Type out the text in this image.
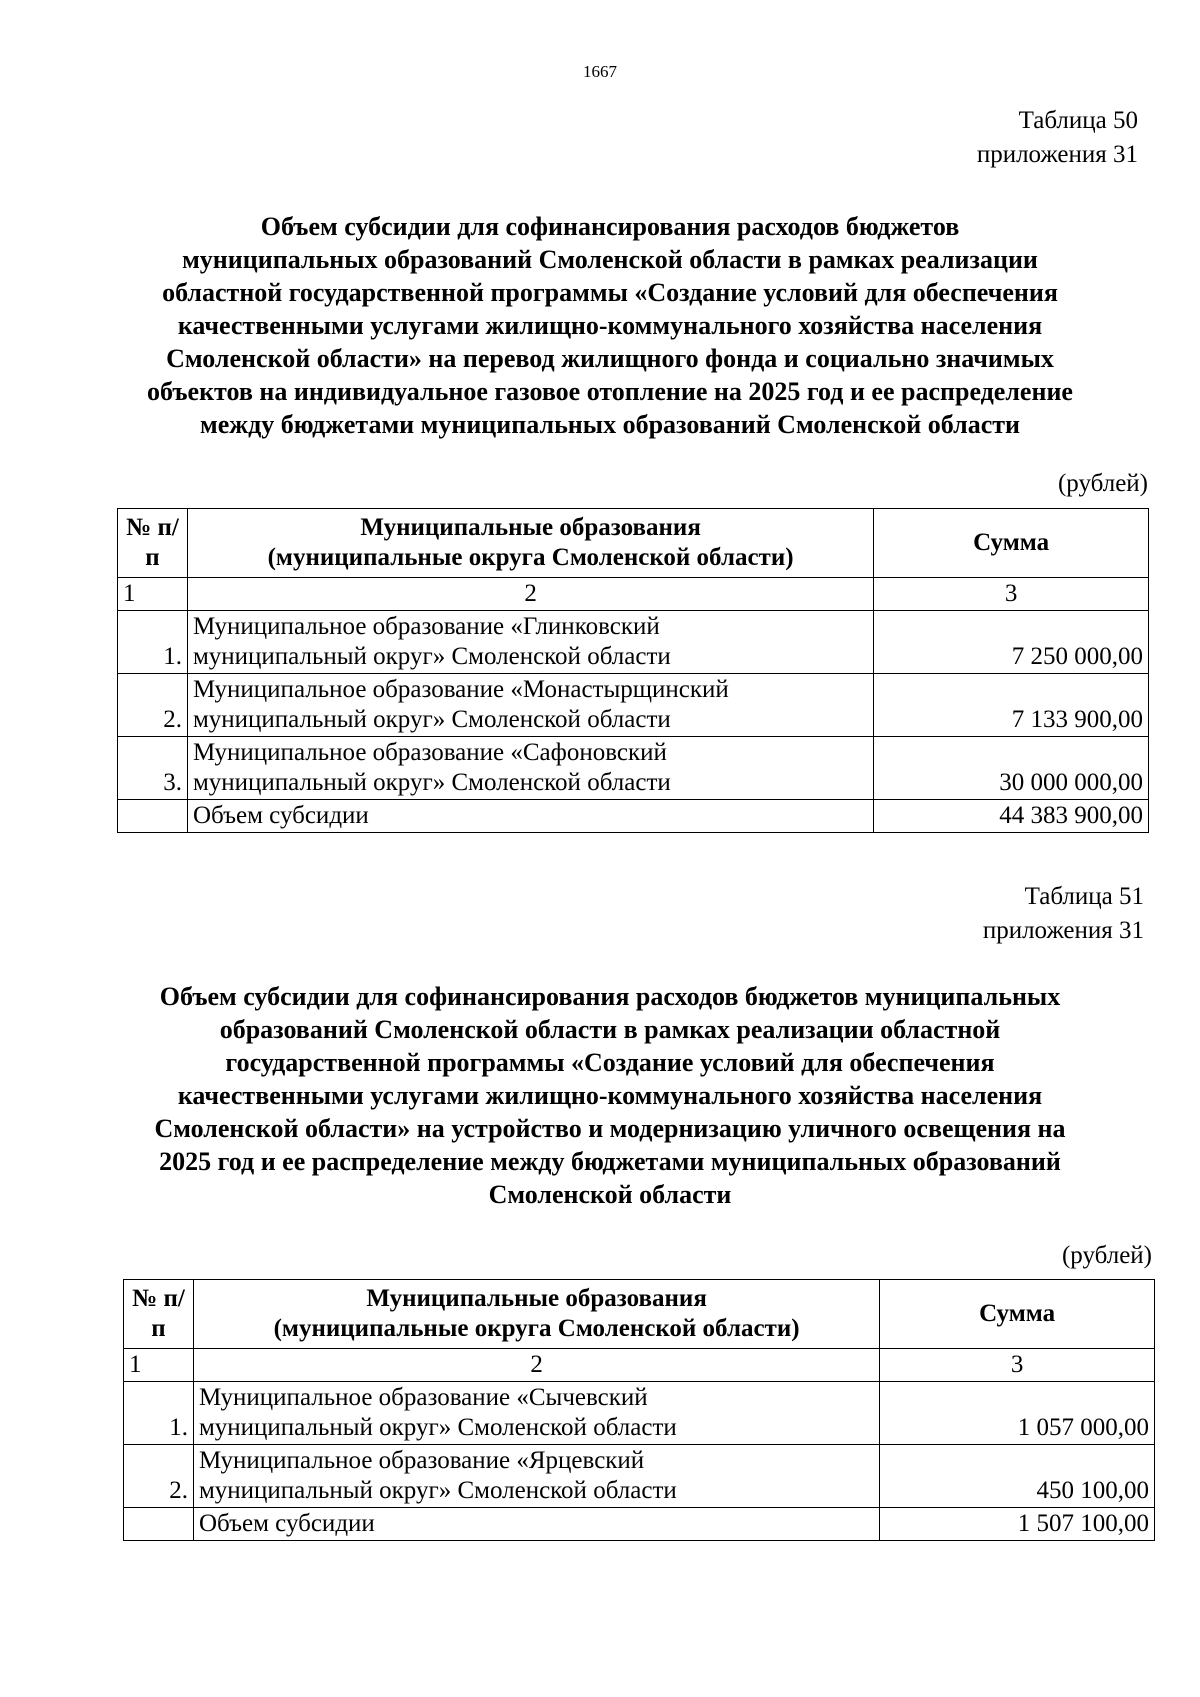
1667
Таблица 50
приложения 31
Объем субсидии для софинансирования расходов бюджетов
муниципальных образований Смоленской области в рамках реализации
областной государственной программы «Создание условий для обеспечения
качественными услугами жилищно-коммунального хозяйства населения
Смоленской области» на перевод жилищного фонда и социально значимых
объектов на индивидуальное газовое отопление на 2025 год и ее распределение
между бюджетами муниципальных образований Смоленской области
(рублей)
№ п/п	Муниципальные образования
(муниципальные округа Смоленской области)	Сумма
1	2	3
1.	Муниципальное образование «Глинковский
муниципальный округ» Смоленской области	7 250 000,00
2.	Муниципальное образование «Монастырщинский
муниципальный округ» Смоленской области	7 133 900,00
3.	Муниципальное образование «Сафоновский
муниципальный округ» Смоленской области	30 000 000,00
	Объем субсидии	44 383 900,00
Таблица 51
приложения 31
Объем субсидии для софинансирования расходов бюджетов муниципальных
образований Смоленской области в рамках реализации областной
государственной программы «Создание условий для обеспечения
качественными услугами жилищно-коммунального хозяйства населения
Смоленской области» на устройство и модернизацию уличного освещения на
2025 год и ее распределение между бюджетами муниципальных образований
Смоленской области
(рублей)
№ п/п	Муниципальные образования
(муниципальные округа Смоленской области)	Сумма
1	2	3
1.	Муниципальное образование «Сычевский
муниципальный округ» Смоленской области	1 057 000,00
2.	Муниципальное образование «Ярцевский
муниципальный округ» Смоленской области	450 100,00
	Объем субсидии	1 507 100,00
